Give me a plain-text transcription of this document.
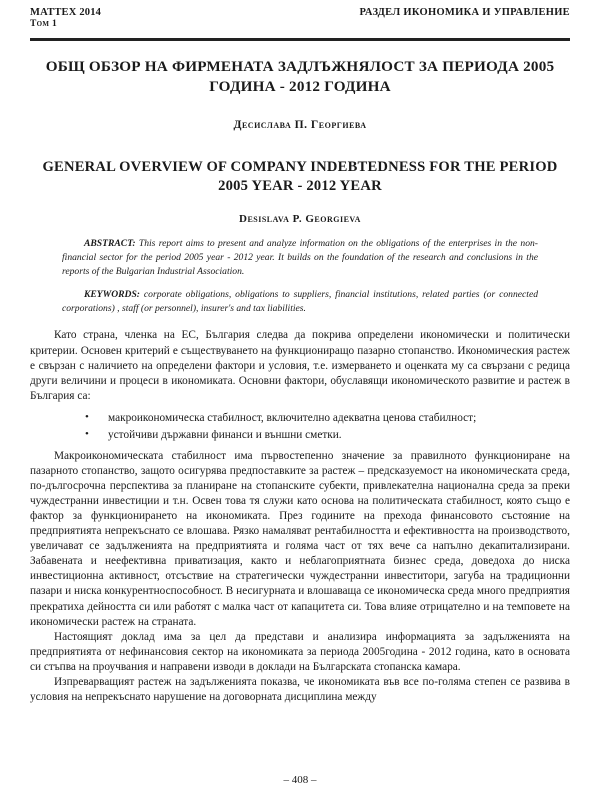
MATTEX 2014
Том 1
РАЗДЕЛ ИКОНОМИКА И УПРАВЛЕНИЕ
ОБЩ ОБЗОР НА ФИРМЕНАТА ЗАДЛЪЖНЯЛОСТ ЗА ПЕРИОДА 2005 ГОДИНА - 2012 ГОДИНА
Десислава П. Георгиева
GENERAL OVERVIEW OF COMPANY INDEBTEDNESS FOR THE PERIOD 2005 YEAR - 2012 YEAR
Desislava P. Georgieva

ABSTRACT: This report aims to present and analyze information on the obligations of the enterprises in the non-financial sector for the period 2005 year - 2012 year. It builds on the foundation of the research and conclusions in the reports of the Bulgarian Industrial Association.

KEYWORDS: corporate obligations, obligations to suppliers, financial institutions, related parties (or connected corporations) , staff (or personnel), insurer's and tax liabilities.

Като страна, членка на ЕС, България следва да покрива определени икономически и политически критерии. Основен критерий е съществуването на функциониращо пазарно стопанство. Икономическия растеж е свързан с наличието на определени фактори и условия, т.е. измерването и оценката му са свързани с редица други величини и процеси в икономиката. Основни фактори, обуславящи икономическото развитие и растеж в България са:

• макроикономическа стабилност, включително адекватна ценова стабилност;
• устойчиви държавни финанси и външни сметки.

Макроикономическата стабилност има първостепенно значение за правилното функциониране на пазарното стопанство, защото осигурява предпоставките за растеж – предсказуемост на икономическата среда, по-дългосрочна перспектива за планиране на стопанските субекти, привлекателна национална среда за преки чуждестранни инвестиции и т.н. Освен това тя служи като основа на политическата стабилност, която също е фактор за функционирането на икономиката. През годините на прехода финансовото състояние на предприятията непрекъснато се влошава. Рязко намаляват рентабилността и ефективността на производството, увеличават се задълженията на предприятията и голяма част от тях вече са напълно декапитализирани. Забавената и неефективна приватизация, както и неблагоприятната бизнес среда, доведоха до ниска инвестиционна активност, отсъствие на стратегически чуждестранни инвеститори, загуба на традиционни пазари и ниска конкурентноспособност. В несигурната и влошаваща се икономическа среда много предприятия прекратиха дейността си или работят с малка част от капацитета си. Това влияе отрицателно и на темповете на икономически растеж на страната.

Настоящият доклад има за цел да представи и анализира информацията за задълженията на предприятията от нефинансовия сектор на икономиката за периода 2005година - 2012 година, като в основата си стъпва на проучвания и направени изводи в доклади на Българската стопанска камара.

Изпреварващият растеж на задълженията показва, че икономиката във все по-голяма степен се развива в условия на непрекъснато нарушение на договорната дисциплина между

– 408 –
